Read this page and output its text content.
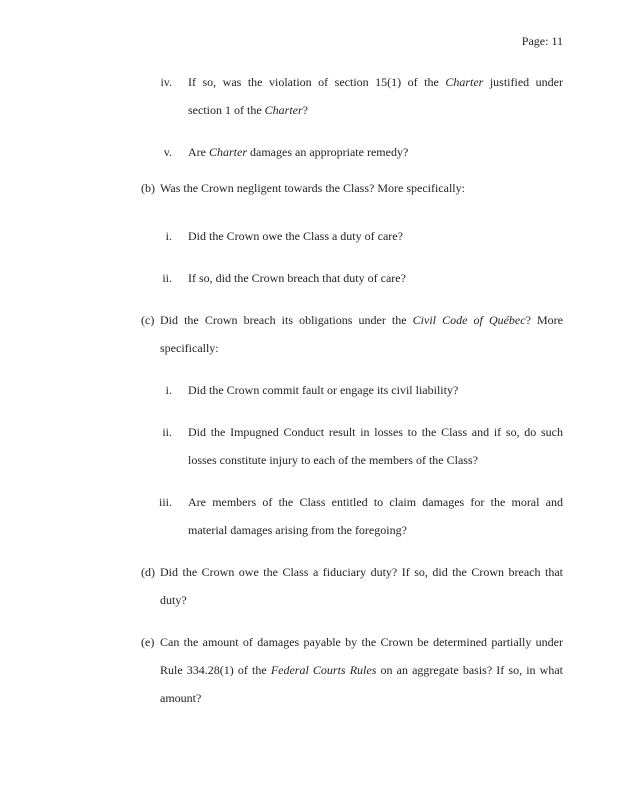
Page: 11
iv. If so, was the violation of section 15(1) of the Charter justified under
section 1 of the Charter?
v. Are Charter damages an appropriate remedy?
(b) Was the Crown negligent towards the Class? More specifically:
i. Did the Crown owe the Class a duty of care?
ii. If so, did the Crown breach that duty of care?
(c) Did the Crown breach its obligations under the Civil Code of Québec? More
specifically:
i. Did the Crown commit fault or engage its civil liability?
ii. Did the Impugned Conduct result in losses to the Class and if so, do such
losses constitute injury to each of the members of the Class?
iii. Are members of the Class entitled to claim damages for the moral and
material damages arising from the foregoing?
(d) Did the Crown owe the Class a fiduciary duty? If so, did the Crown breach that
duty?
(e) Can the amount of damages payable by the Crown be determined partially under
Rule 334.28(1) of the Federal Courts Rules on an aggregate basis? If so, in what
amount?
